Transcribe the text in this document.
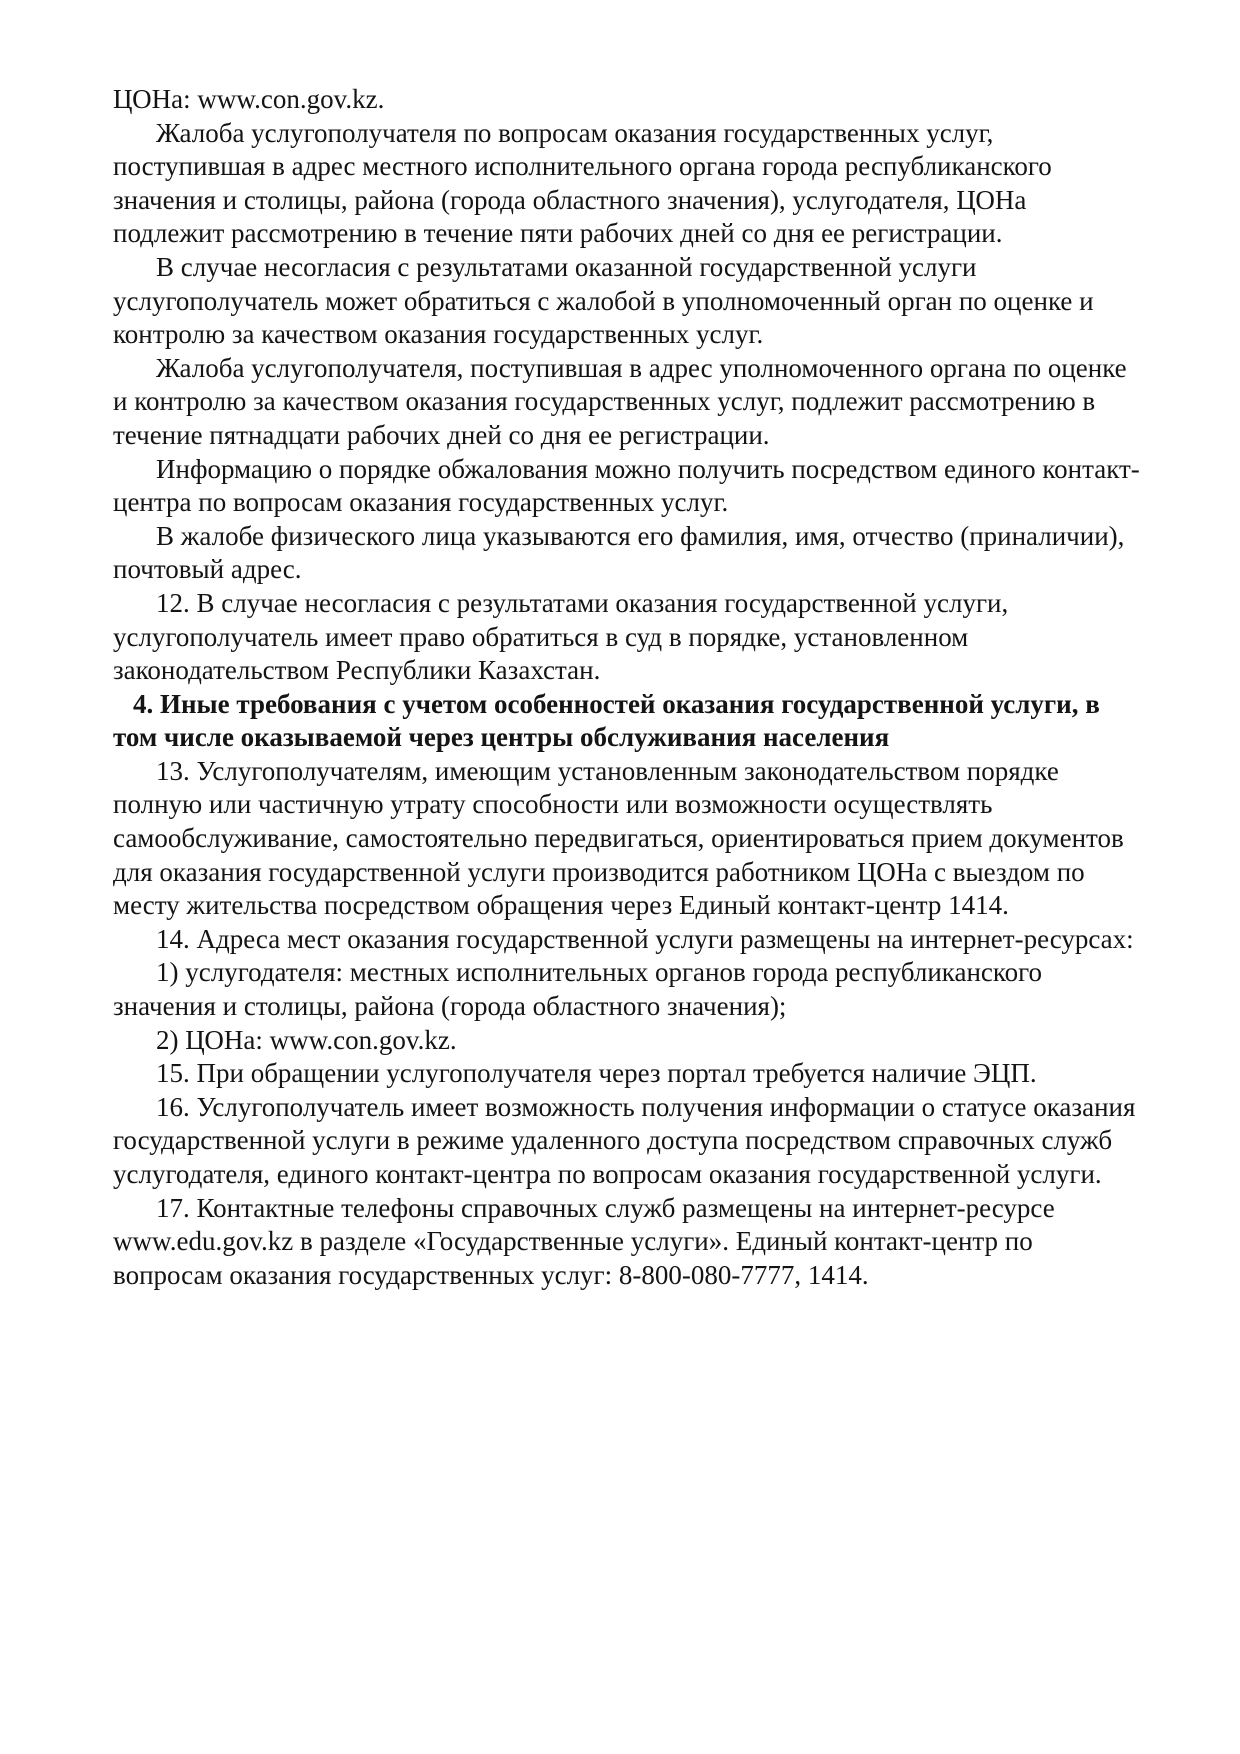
ЦОНа: www.con.gov.kz.

Жалоба услугополучателя по вопросам оказания государственных услуг, поступившая в адрес местного исполнительного органа города республиканского значения и столицы, района (города областного значения), услугодателя, ЦОНа подлежит рассмотрению в течение пяти рабочих дней со дня ее регистрации.

В случае несогласия с результатами оказанной государственной услуги услугополучатель может обратиться с жалобой в уполномоченный орган по оценке и контролю за качеством оказания государственных услуг.

Жалоба услугополучателя, поступившая в адрес уполномоченного органа по оценке и контролю за качеством оказания государственных услуг, подлежит рассмотрению в течение пятнадцати рабочих дней со дня ее регистрации.

Информацию о порядке обжалования можно получить посредством единого контакт-центра по вопросам оказания государственных услуг.

В жалобе физического лица указываются его фамилия, имя, отчество (приналичии), почтовый адрес.

12. В случае несогласия с результатами оказания государственной услуги, услугополучатель имеет право обратиться в суд в порядке, установленном законодательством Республики Казахстан.

4. Иные требования с учетом особенностей оказания государственной услуги, в том числе оказываемой через центры обслуживания населения

13. Услугополучателям, имеющим установленным законодательством порядке полную или частичную утрату способности или возможности осуществлять самообслуживание, самостоятельно передвигаться, ориентироваться прием документов для оказания государственной услуги производится работником ЦОНа с выездом по месту жительства посредством обращения через Единый контакт-центр 1414.

14. Адреса мест оказания государственной услуги размещены на интернет-ресурсах:

1) услугодателя: местных исполнительных органов города республиканского значения и столицы, района (города областного значения);

2) ЦОНа: www.con.gov.kz.

15. При обращении услугополучателя через портал требуется наличие ЭЦП.

16. Услугополучатель имеет возможность получения информации о статусе оказания государственной услуги в режиме удаленного доступа посредством справочных служб услугодателя, единого контакт-центра по вопросам оказания государственной услуги.

17. Контактные телефоны справочных служб размещены на интернет-ресурсе www.edu.gov.kz в разделе «Государственные услуги». Единый контакт-центр по вопросам оказания государственных услуг: 8-800-080-7777, 1414.
